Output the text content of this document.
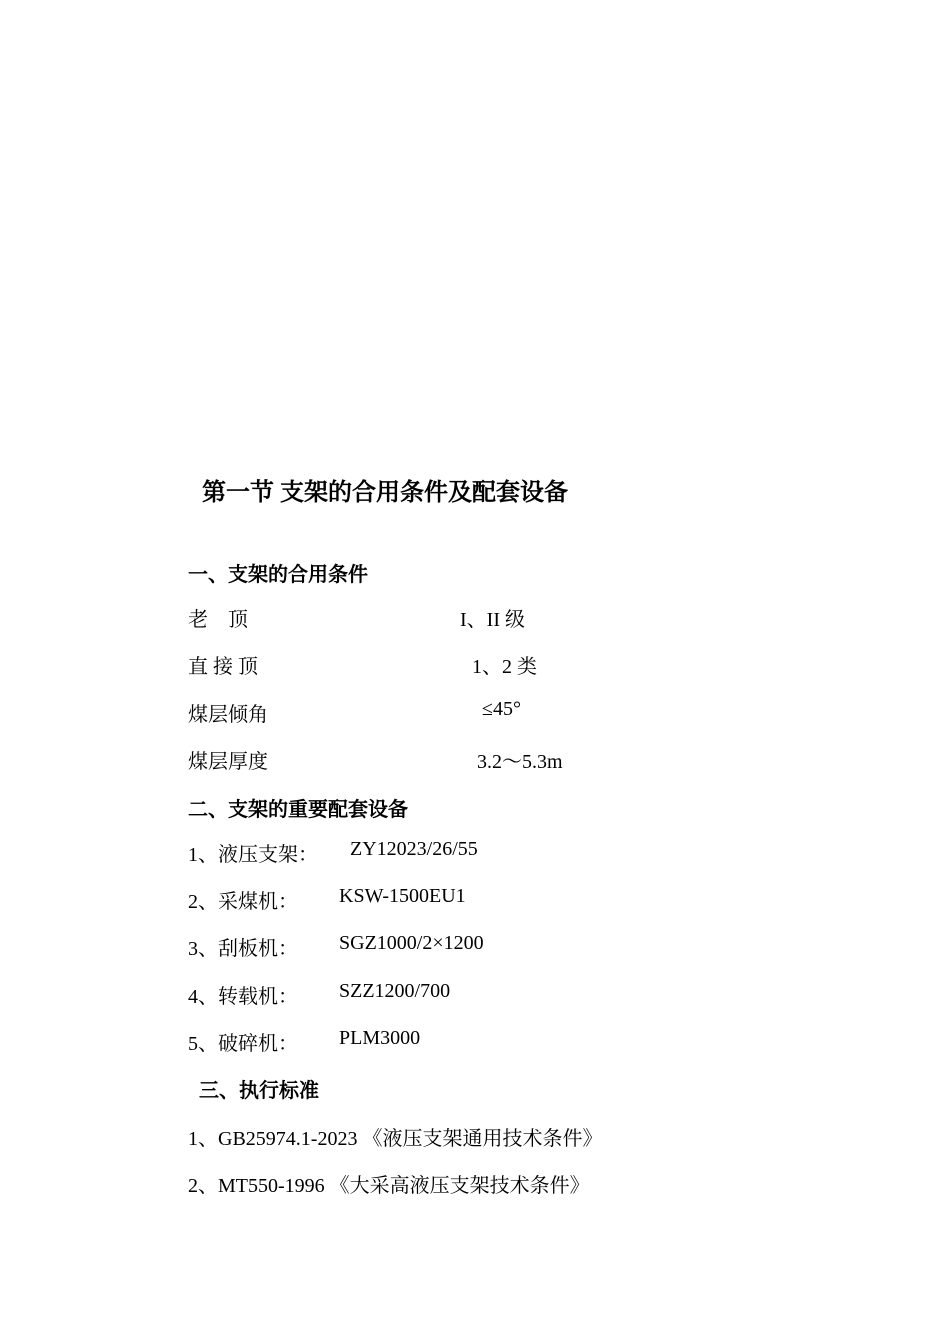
第一节 支架的合用条件及配套设备
一、支架的合用条件
老    顶	I、II 级
直 接 顶	1、2 类
煤层倾角	≤45°
煤层厚度	3.2～5.3m
二、支架的重要配套设备
1、液压支架： ZY12023/26/55
2、采煤机： KSW-1500EU1
3、刮板机： SGZ1000/2×1200
4、转载机： SZZ1200/700
5、破碎机： PLM3000
三、执行标准
1、GB25974.1-2023 《液压支架通用技术条件》
2、MT550-1996 《大采高液压支架技术条件》
